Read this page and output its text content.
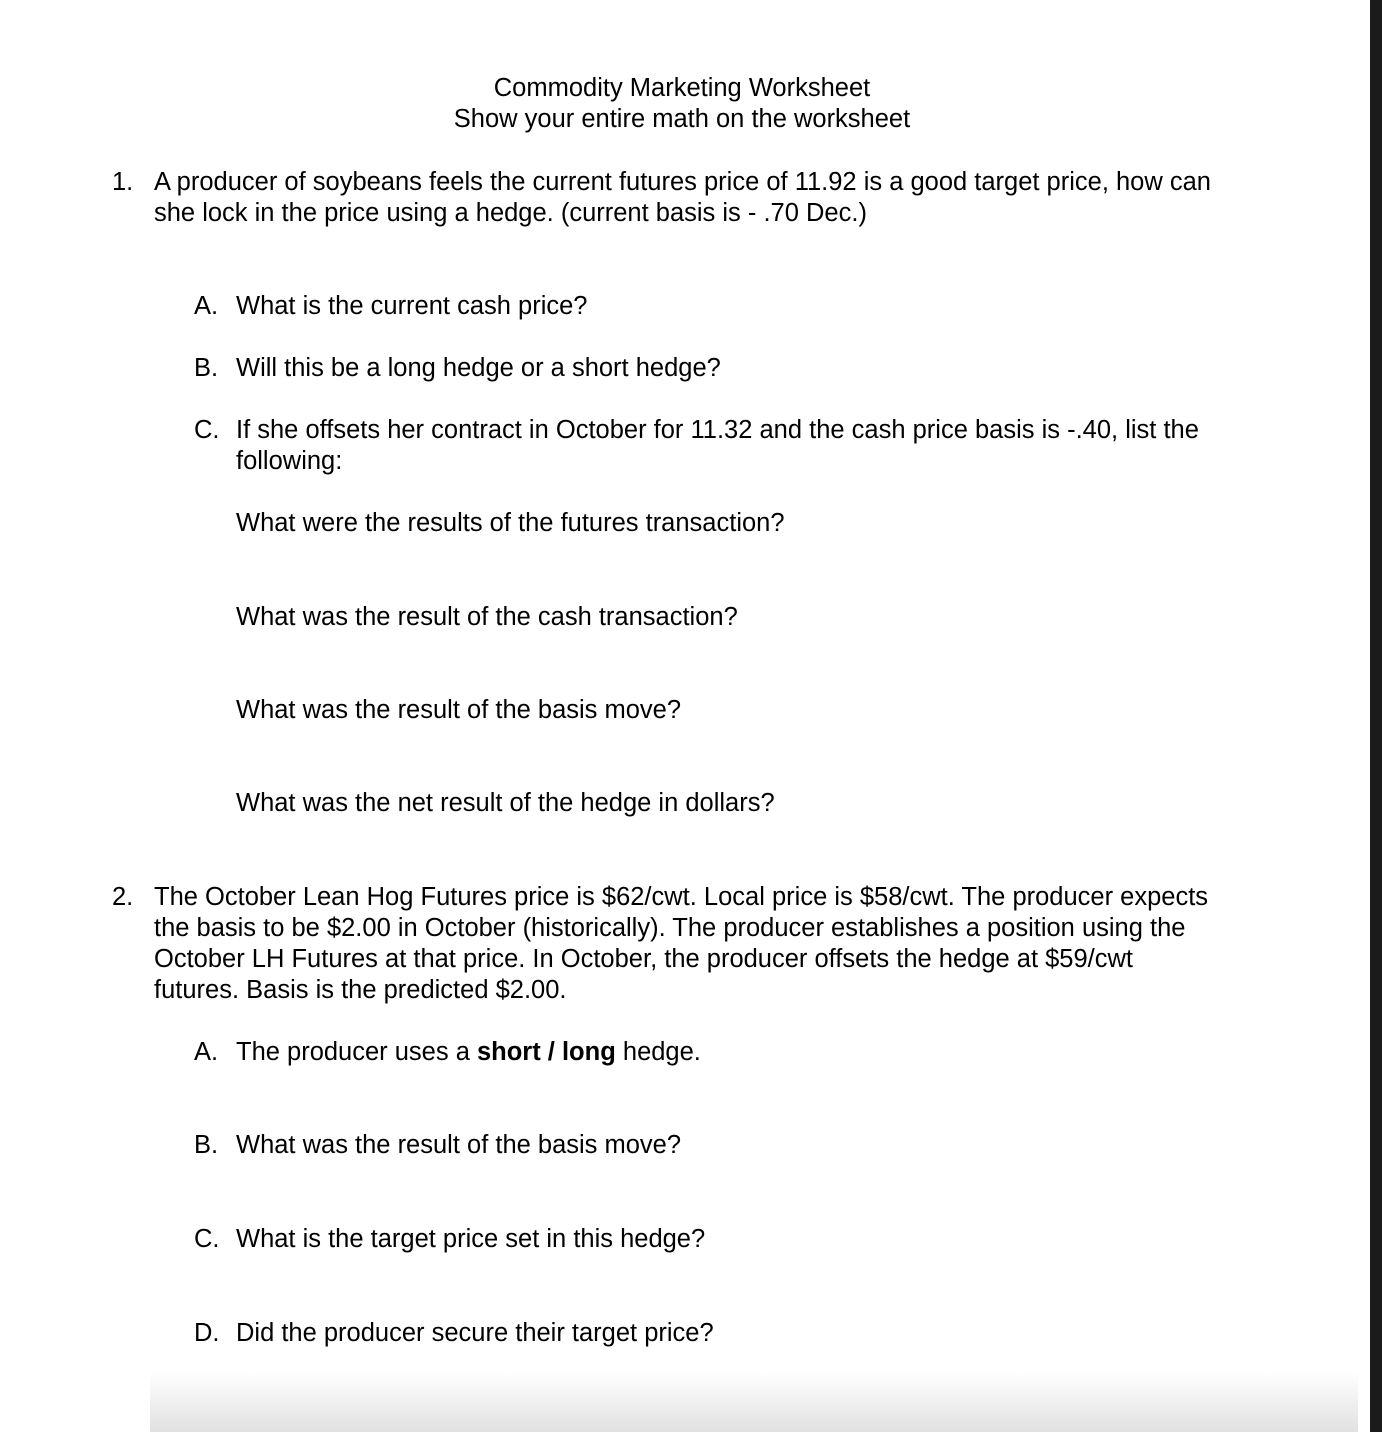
Commodity Marketing Worksheet
Show your entire math on the worksheet
1. A producer of soybeans feels the current futures price of 11.92 is a good target price, how can
she lock in the price using a hedge. (current basis is - .70 Dec.)
A. What is the current cash price?
B. Will this be a long hedge or a short hedge?
C. If she offsets her contract in October for 11.32 and the cash price basis is -.40, list the
following:
What were the results of the futures transaction?
What was the result of the cash transaction?
What was the result of the basis move?
What was the net result of the hedge in dollars?
2. The October Lean Hog Futures price is $62/cwt. Local price is $58/cwt. The producer expects
the basis to be $2.00 in October (historically). The producer establishes a position using the
October LH Futures at that price. In October, the producer offsets the hedge at $59/cwt
futures. Basis is the predicted $2.00.
A. The producer uses a short / long hedge.
B. What was the result of the basis move?
C. What is the target price set in this hedge?
D. Did the producer secure their target price?
